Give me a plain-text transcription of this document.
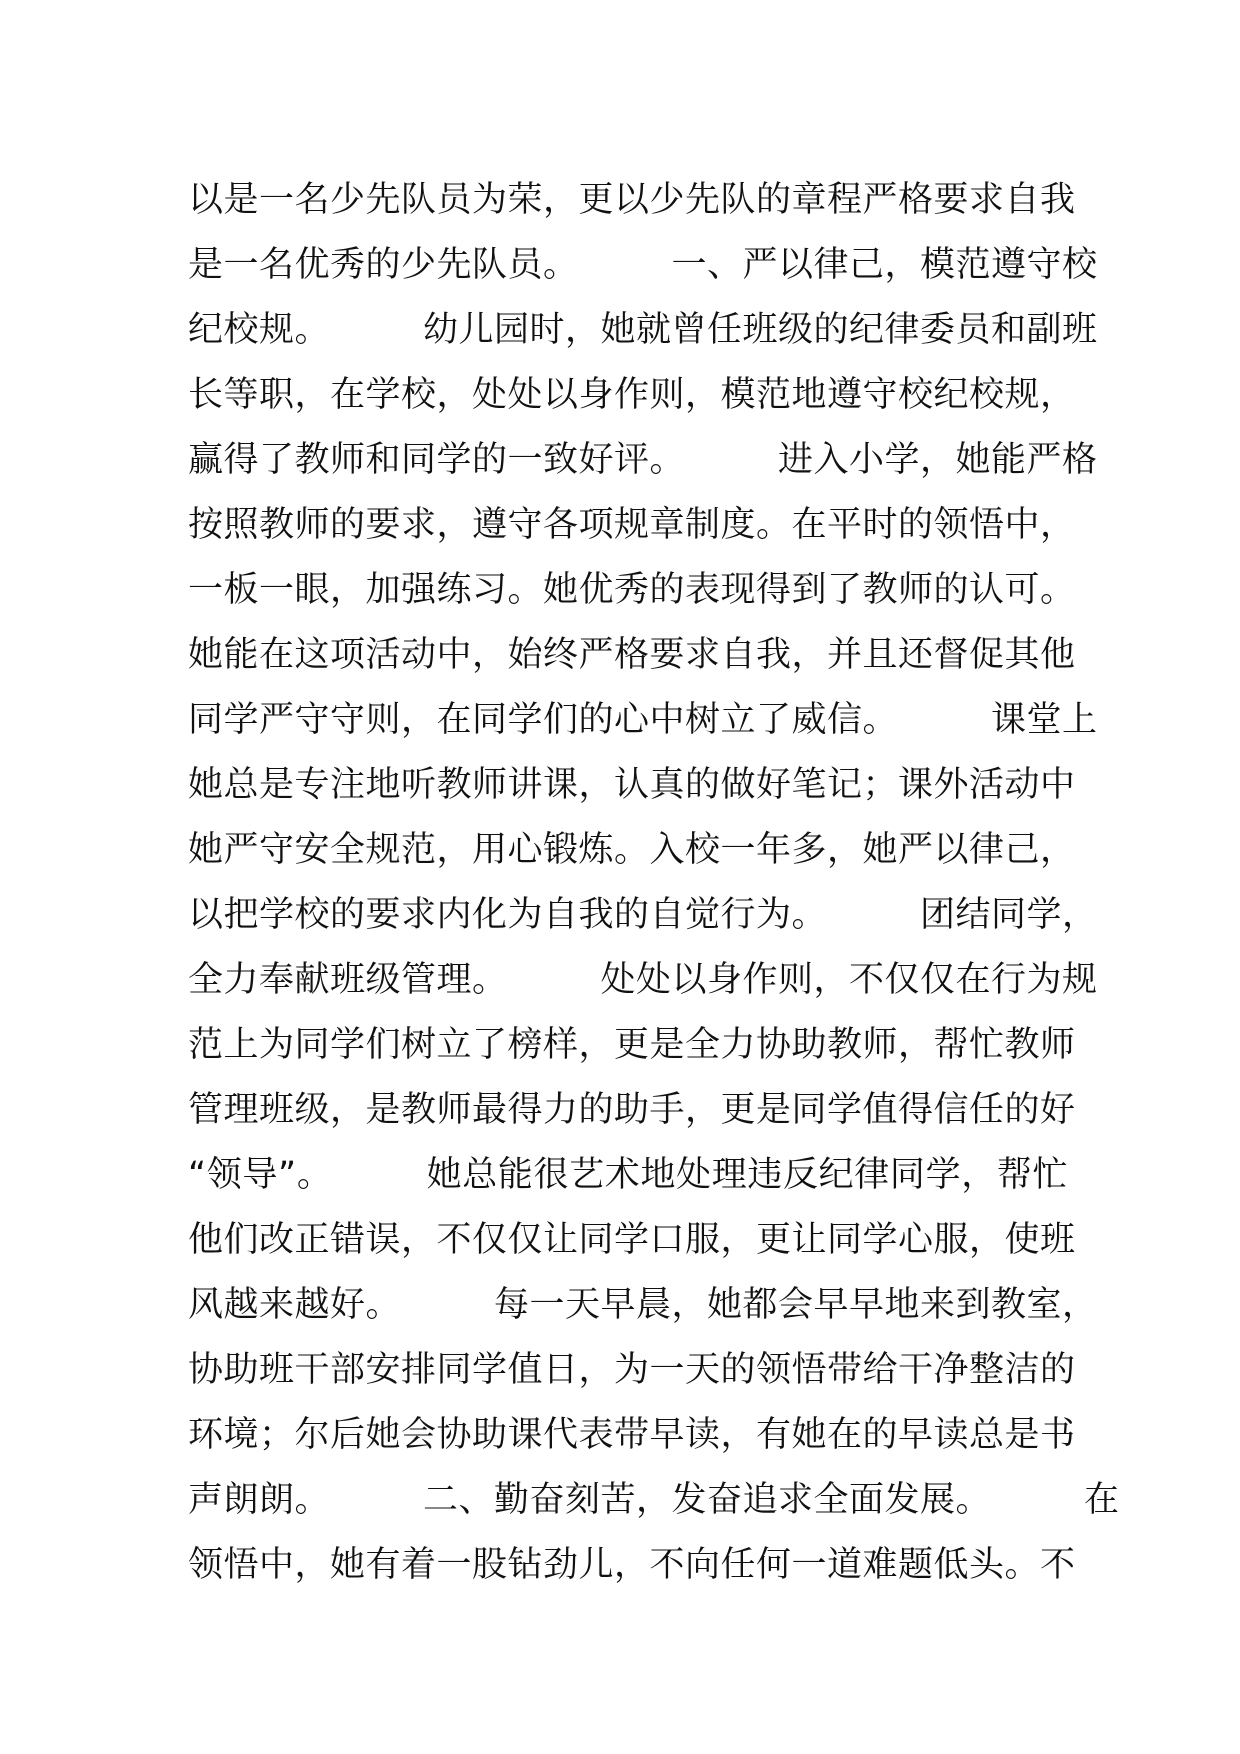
以是一名少先队员为荣，更以少先队的章程严格要求自我
是一名优秀的少先队员。        一、严以律己，模范遵守校
纪校规。        幼儿园时，她就曾任班级的纪律委员和副班
长等职，在学校，处处以身作则，模范地遵守校纪校规，
赢得了教师和同学的一致好评。        进入小学，她能严格
按照教师的要求，遵守各项规章制度。在平时的领悟中，
一板一眼，加强练习。她优秀的表现得到了教师的认可。
她能在这项活动中，始终严格要求自我，并且还督促其他
同学严守守则，在同学们的心中树立了威信。        课堂上
她总是专注地听教师讲课，认真的做好笔记；课外活动中
她严守安全规范，用心锻炼。入校一年多，她严以律己，
以把学校的要求内化为自我的自觉行为。        团结同学，
全力奉献班级管理。        处处以身作则，不仅仅在行为规
范上为同学们树立了榜样，更是全力协助教师，帮忙教师
管理班级，是教师最得力的助手，更是同学值得信任的好
“领导”。        她总能很艺术地处理违反纪律同学，帮忙
他们改正错误，不仅仅让同学口服，更让同学心服，使班
风越来越好。        每一天早晨，她都会早早地来到教室，
协助班干部安排同学值日，为一天的领悟带给干净整洁的
环境；尔后她会协助课代表带早读，有她在的早读总是书
声朗朗。        二、勤奋刻苦，发奋追求全面发展。        在
领悟中，她有着一股钻劲儿，不向任何一道难题低头。不
